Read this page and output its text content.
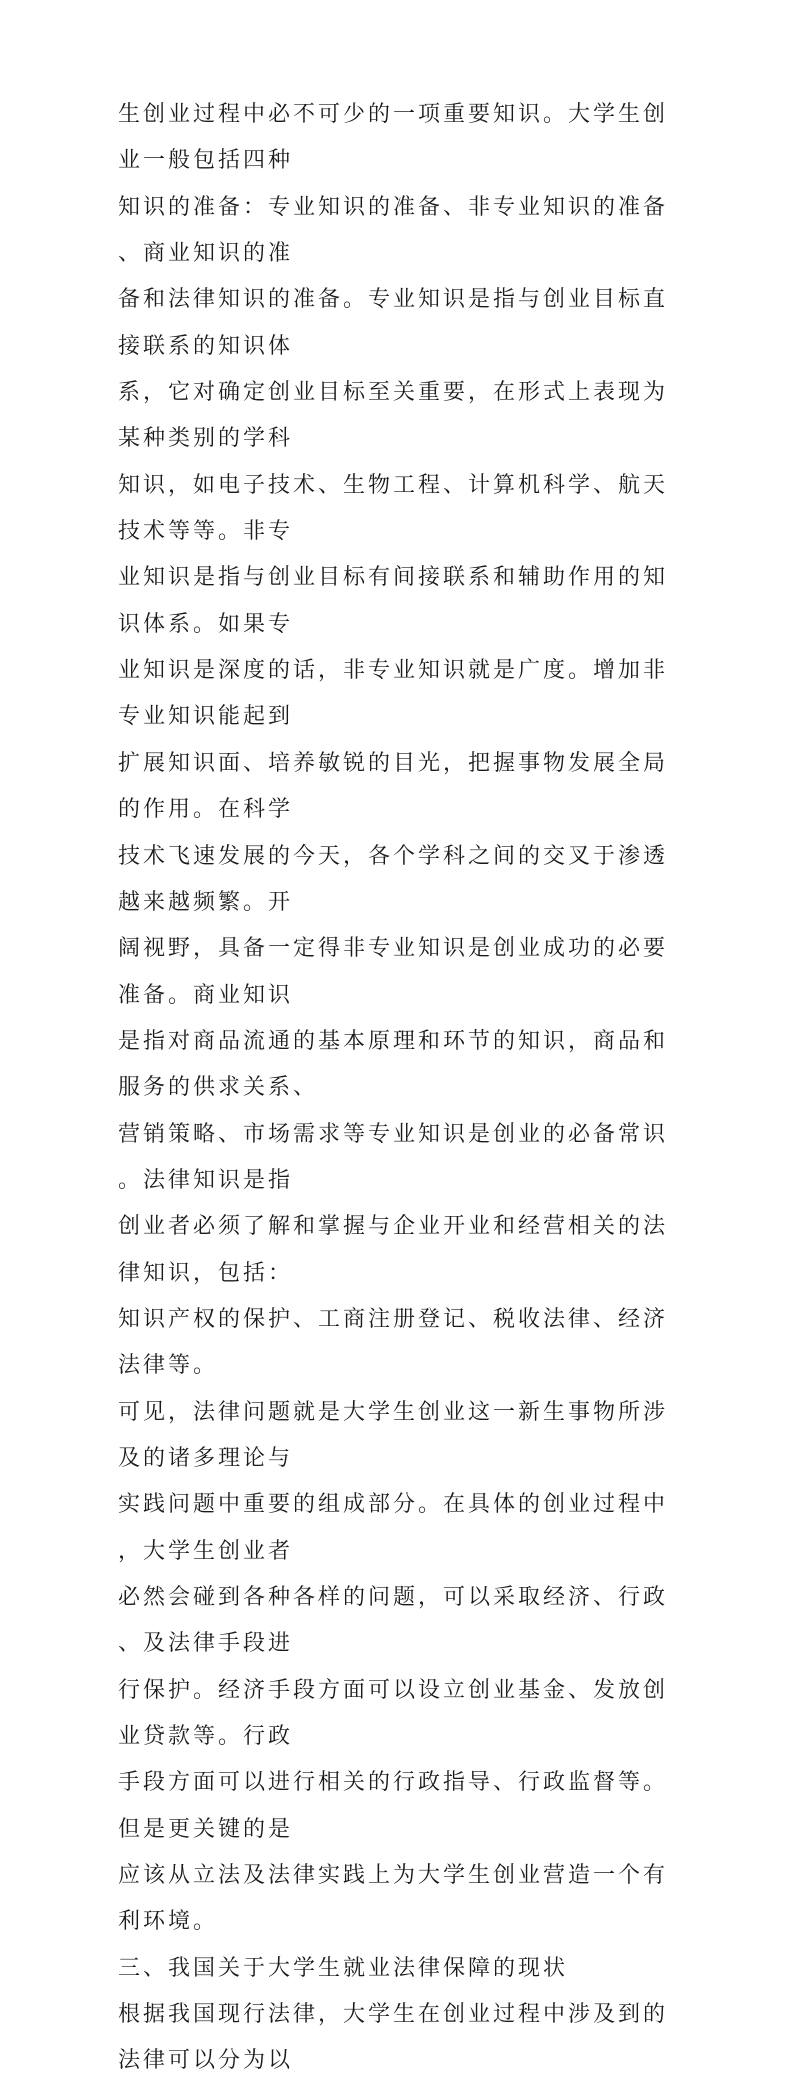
生创业过程中必不可少的一项重要知识。大学生创业一般包括四种
知识的准备：专业知识的准备、非专业知识的准备、商业知识的准
备和法律知识的准备。专业知识是指与创业目标直接联系的知识体
系，它对确定创业目标至关重要，在形式上表现为某种类别的学科
知识，如电子技术、生物工程、计算机科学、航天技术等等。非专
业知识是指与创业目标有间接联系和辅助作用的知识体系。如果专
业知识是深度的话，非专业知识就是广度。增加非专业知识能起到
扩展知识面、培养敏锐的目光，把握事物发展全局的作用。在科学
技术飞速发展的今天，各个学科之间的交叉于渗透越来越频繁。开
阔视野，具备一定得非专业知识是创业成功的必要准备。商业知识
是指对商品流通的基本原理和环节的知识，商品和服务的供求关系、
营销策略、市场需求等专业知识是创业的必备常识。法律知识是指
创业者必须了解和掌握与企业开业和经营相关的法律知识，包括：
知识产权的保护、工商注册登记、税收法律、经济法律等。
可见，法律问题就是大学生创业这一新生事物所涉及的诸多理论与
实践问题中重要的组成部分。在具体的创业过程中，大学生创业者
必然会碰到各种各样的问题，可以采取经济、行政、及法律手段进
行保护。经济手段方面可以设立创业基金、发放创业贷款等。行政
手段方面可以进行相关的行政指导、行政监督等。但是更关键的是
应该从立法及法律实践上为大学生创业营造一个有利环境。
三、我国关于大学生就业法律保障的现状
根据我国现行法律，大学生在创业过程中涉及到的法律可以分为以
